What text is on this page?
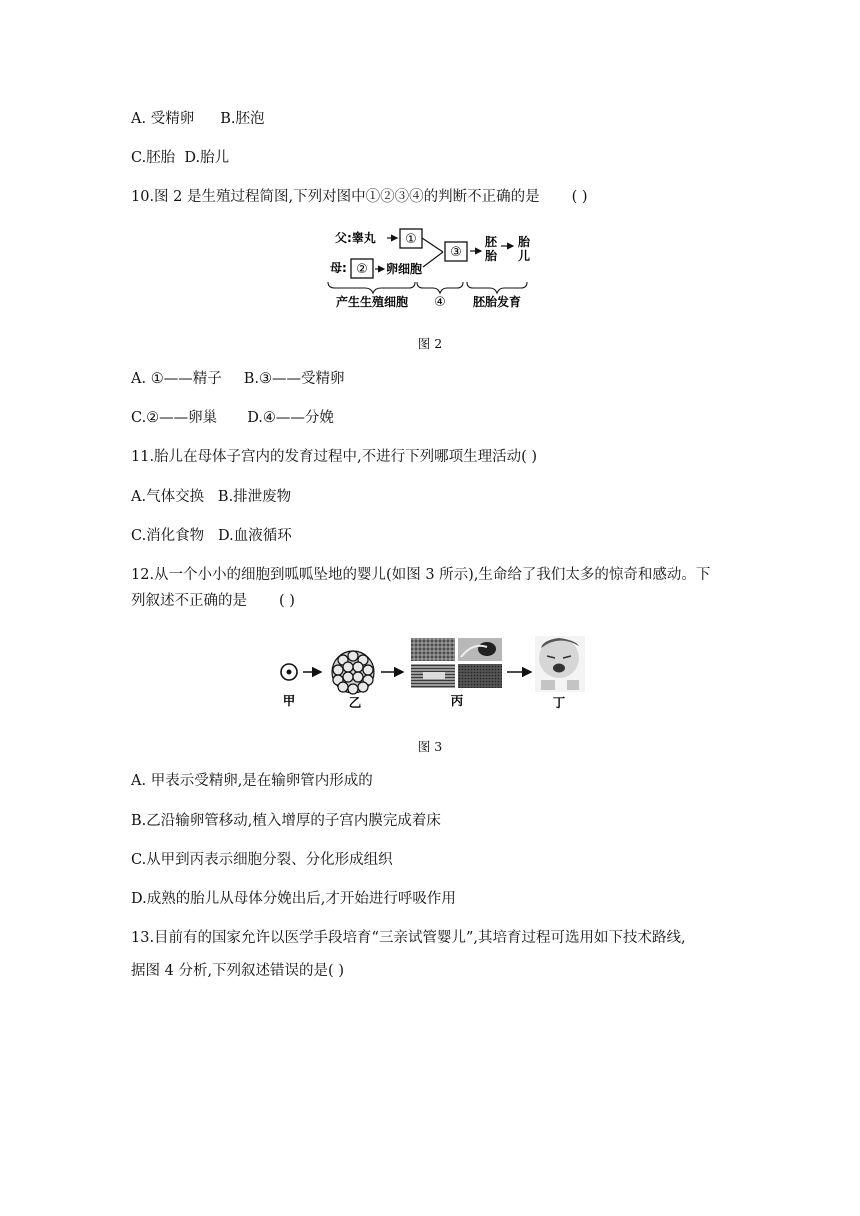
A. 受精卵 B.胚泡
C.胚胎 D.胎儿
10.图 2 是生殖过程简图,下列对图中①②③④的判断不正确的是 ( )
父:睾丸 ①
母: ② 卵细胞
③
胚胎
胎儿
产生生殖细胞 ④ 胚胎发育
图 2
A. ①——精子 B.③——受精卵
C.②——卵巢 D.④——分娩
11.胎儿在母体子宫内的发育过程中,不进行下列哪项生理活动( )
A.气体交换 B.排泄废物
C.消化食物 D.血液循环
12.从一个小小的细胞到呱呱坠地的婴儿(如图 3 所示),生命给了我们太多的惊奇和感动。下
列叙述不正确的是 ( )
甲	乙	丙	丁
图 3
A. 甲表示受精卵,是在输卵管内形成的
B.乙沿输卵管移动,植入增厚的子宫内膜完成着床
C.从甲到丙表示细胞分裂、分化形成组织
D.成熟的胎儿从母体分娩出后,才开始进行呼吸作用
13.目前有的国家允许以医学手段培育“三亲试管婴儿”,其培育过程可选用如下技术路线,
据图 4 分析,下列叙述错误的是( )
